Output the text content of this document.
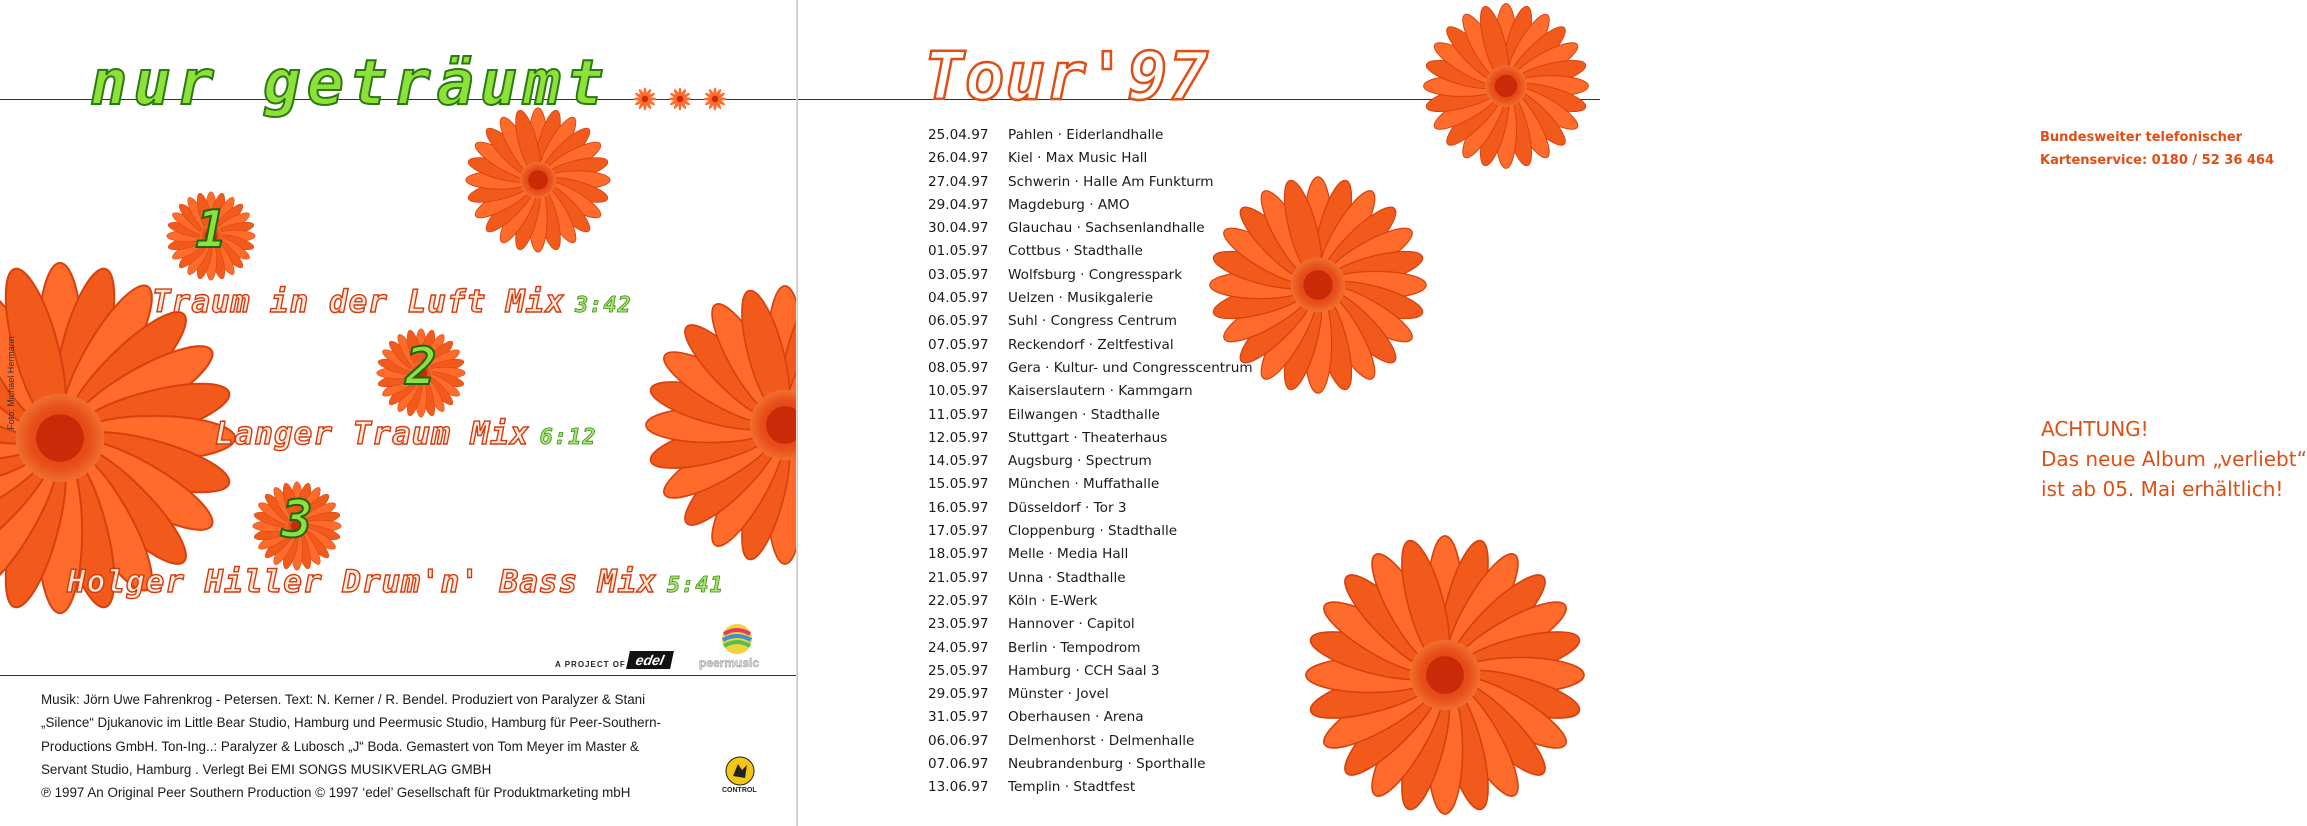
nur geträumt
Foto: Michael Hermann
1
Traum in der Luft Mix 3:42
2
Langer Traum Mix 6:12
3
Holger Hiller Drum'n' Bass Mix 5:41
A PROJECT OF edel	peermusic

Musik: Jörn Uwe Fahrenkrog - Petersen. Text: N. Kerner / R. Bendel. Produziert von Paralyzer & Stani

„Silence“ Djukanovic im Little Bear Studio, Hamburg und Peermusic Studio, Hamburg für Peer-Southern-

Productions GmbH. Ton-Ing..: Paralyzer & Lubosch „J“ Boda. Gemastert von Tom Meyer im Master &

Servant Studio, Hamburg . Verlegt Bei EMI SONGS MUSIKVERLAG GMBH

℗ 1997 An Original Peer Southern Production © 1997 ‘edel’ Gesellschaft für Produktmarketing mbH	CONTROL
Tour'97
25.04.97	Pahlen · Eiderlandhalle
26.04.97	Kiel · Max Music Hall
27.04.97	Schwerin · Halle Am Funkturm
29.04.97	Magdeburg · AMO
30.04.97	Glauchau · Sachsenlandhalle
01.05.97	Cottbus · Stadthalle
03.05.97	Wolfsburg · Congresspark
04.05.97	Uelzen · Musikgalerie
06.05.97	Suhl · Congress Centrum
07.05.97	Reckendorf · Zeltfestival
08.05.97	Gera · Kultur- und Congresscentrum
10.05.97	Kaiserslautern · Kammgarn
11.05.97	Eilwangen · Stadthalle
12.05.97	Stuttgart · Theaterhaus
14.05.97	Augsburg · Spectrum
15.05.97	München · Muffathalle
16.05.97	Düsseldorf · Tor 3
17.05.97	Cloppenburg · Stadthalle
18.05.97	Melle · Media Hall
21.05.97	Unna · Stadthalle
22.05.97	Köln · E-Werk
23.05.97	Hannover · Capitol
24.05.97	Berlin · Tempodrom
25.05.97	Hamburg · CCH Saal 3
29.05.97	Münster · Jovel
31.05.97	Oberhausen · Arena
06.06.97	Delmenhorst · Delmenhalle
07.06.97	Neubrandenburg · Sporthalle
13.06.97	Templin · Stadtfest
Bundesweiter telefonischer
Kartenservice: 0180 / 52 36 464
ACHTUNG!
Das neue Album „verliebt“
ist ab 05. Mai erhältlich!
